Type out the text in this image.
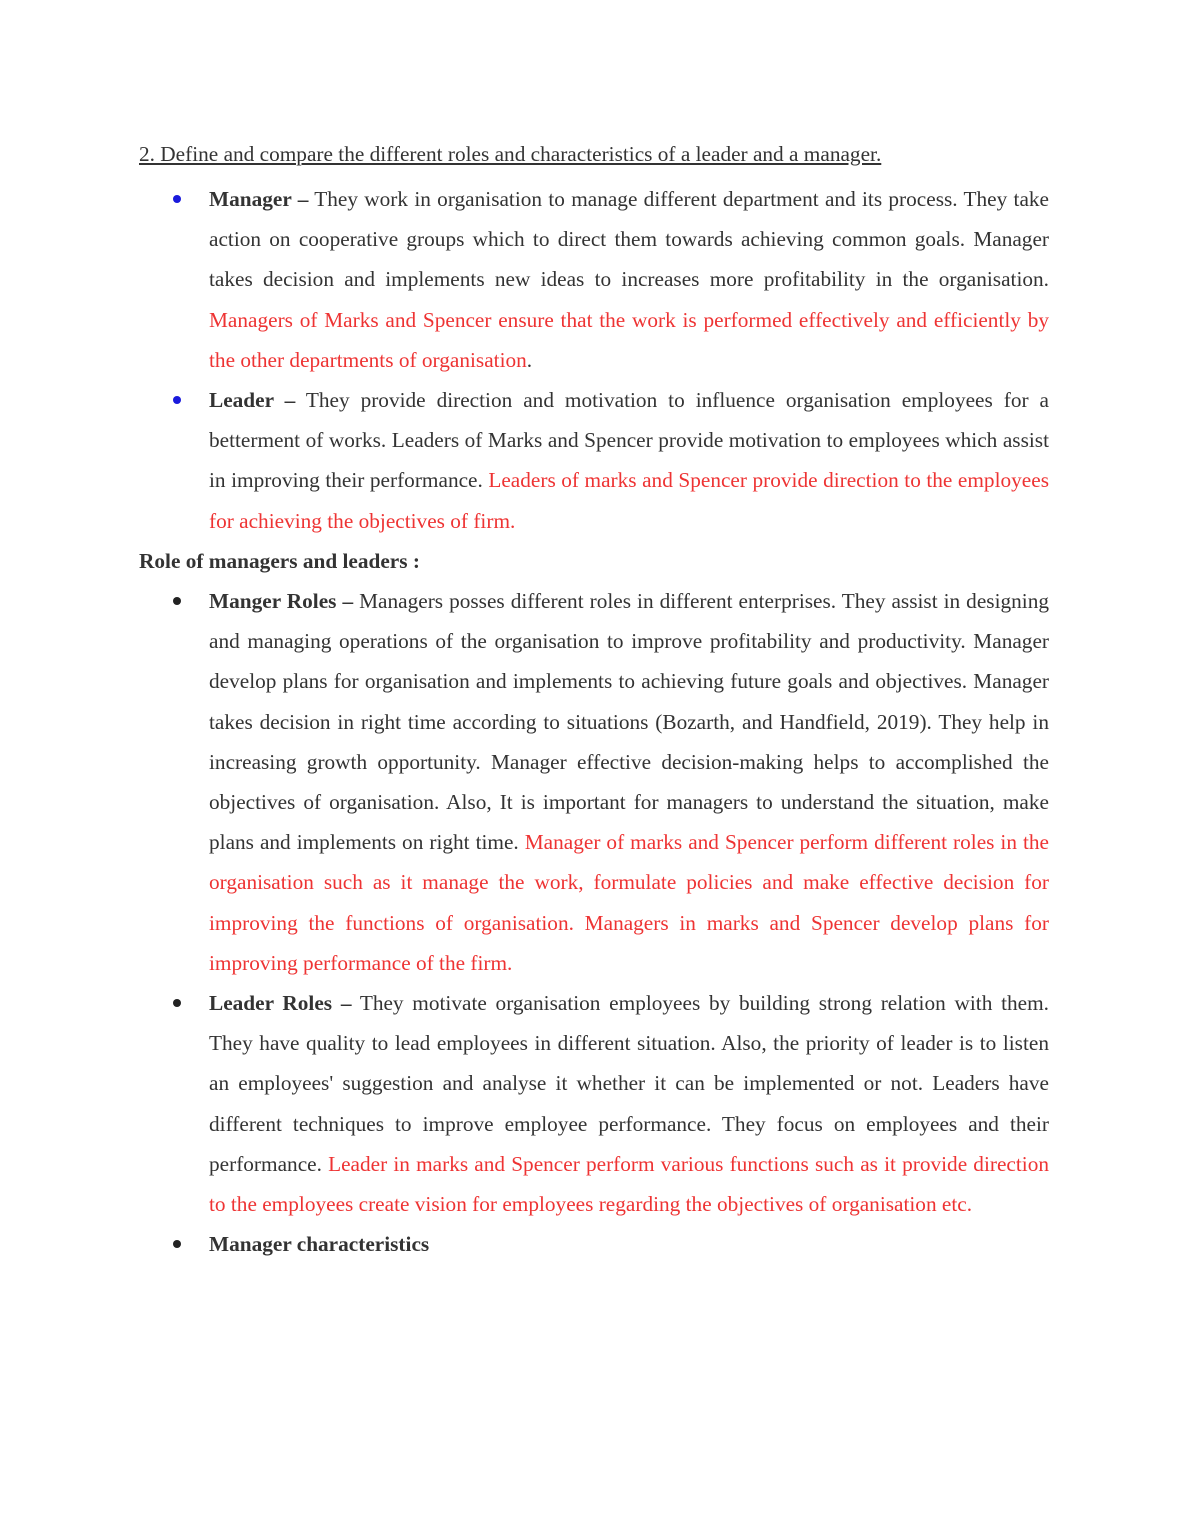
2. Define and compare the different roles and characteristics of a leader and a manager.

Manager – They work in organisation to manage different department and its process. They take action on cooperative groups which to direct them towards achieving common goals. Manager takes decision and implements new ideas to increases more profitability in the organisation. Managers of Marks and Spencer ensure that the work is performed effectively and efficiently by the other departments of organisation.
Leader – They provide direction and motivation to influence organisation employees for a betterment of works. Leaders of Marks and Spencer provide motivation to employees which assist in improving their performance. Leaders of marks and Spencer provide direction to the employees for achieving the objectives of firm.

Role of managers and leaders :

Manger Roles – Managers posses different roles in different enterprises. They assist in designing and managing operations of the organisation to improve profitability and productivity. Manager develop plans for organisation and implements to achieving future goals and objectives. Manager takes decision in right time according to situations (Bozarth, and Handfield, 2019). They help in increasing growth opportunity. Manager effective decision-making helps to accomplished the objectives of organisation. Also, It is important for managers to understand the situation, make plans and implements on right time. Manager of marks and Spencer perform different roles in the organisation such as it manage the work, formulate policies and make effective decision for improving the functions of organisation. Managers in marks and Spencer develop plans for improving performance of the firm.
Leader Roles – They motivate organisation employees by building strong relation with them. They have quality to lead employees in different situation. Also, the priority of leader is to listen an employees' suggestion and analyse it whether it can be implemented or not. Leaders have different techniques to improve employee performance. They focus on employees and their performance. Leader in marks and Spencer perform various functions such as it provide direction to the employees create vision for employees regarding the objectives of organisation etc.
Manager characteristics
